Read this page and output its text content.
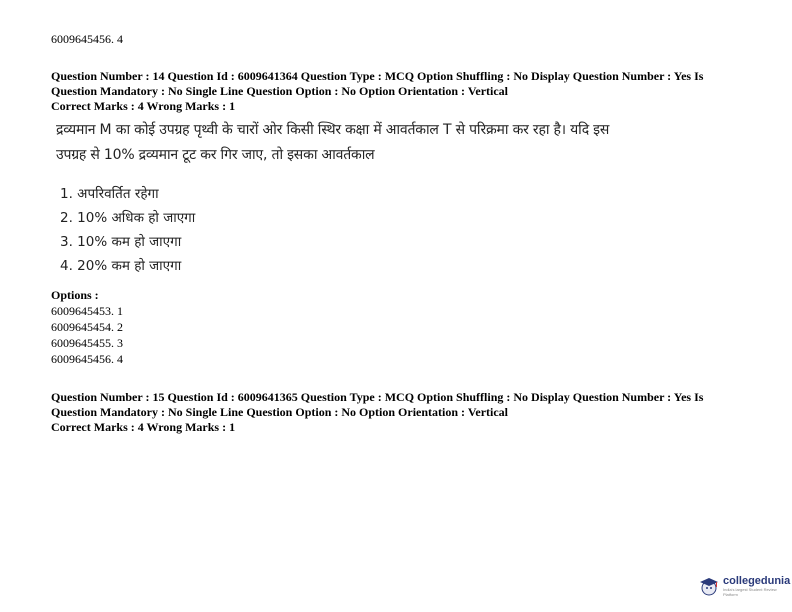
6009645456. 4
Question Number : 14 Question Id : 6009641364 Question Type : MCQ Option Shuffling : No Display Question Number : Yes Is
Question Mandatory : No Single Line Question Option : No Option Orientation : Vertical
Correct Marks : 4 Wrong Marks : 1
द्रव्यमान M का कोई उपग्रह पृथ्वी के चारों ओर किसी स्थिर कक्षा में आवर्तकाल T से परिक्रमा कर रहा है। यदि इस
उपग्रह से 10% द्रव्यमान टूट कर गिर जाए, तो इसका आवर्तकाल
1. अपरिवर्तित रहेगा
2. 10% अधिक हो जाएगा
3. 10% कम हो जाएगा
4. 20% कम हो जाएगा
Options :
6009645453. 1
6009645454. 2
6009645455. 3
6009645456. 4
Question Number : 15 Question Id : 6009641365 Question Type : MCQ Option Shuffling : No Display Question Number : Yes Is
Question Mandatory : No Single Line Question Option : No Option Orientation : Vertical
Correct Marks : 4 Wrong Marks : 1
collegedunia
India's largest Student Review Platform
